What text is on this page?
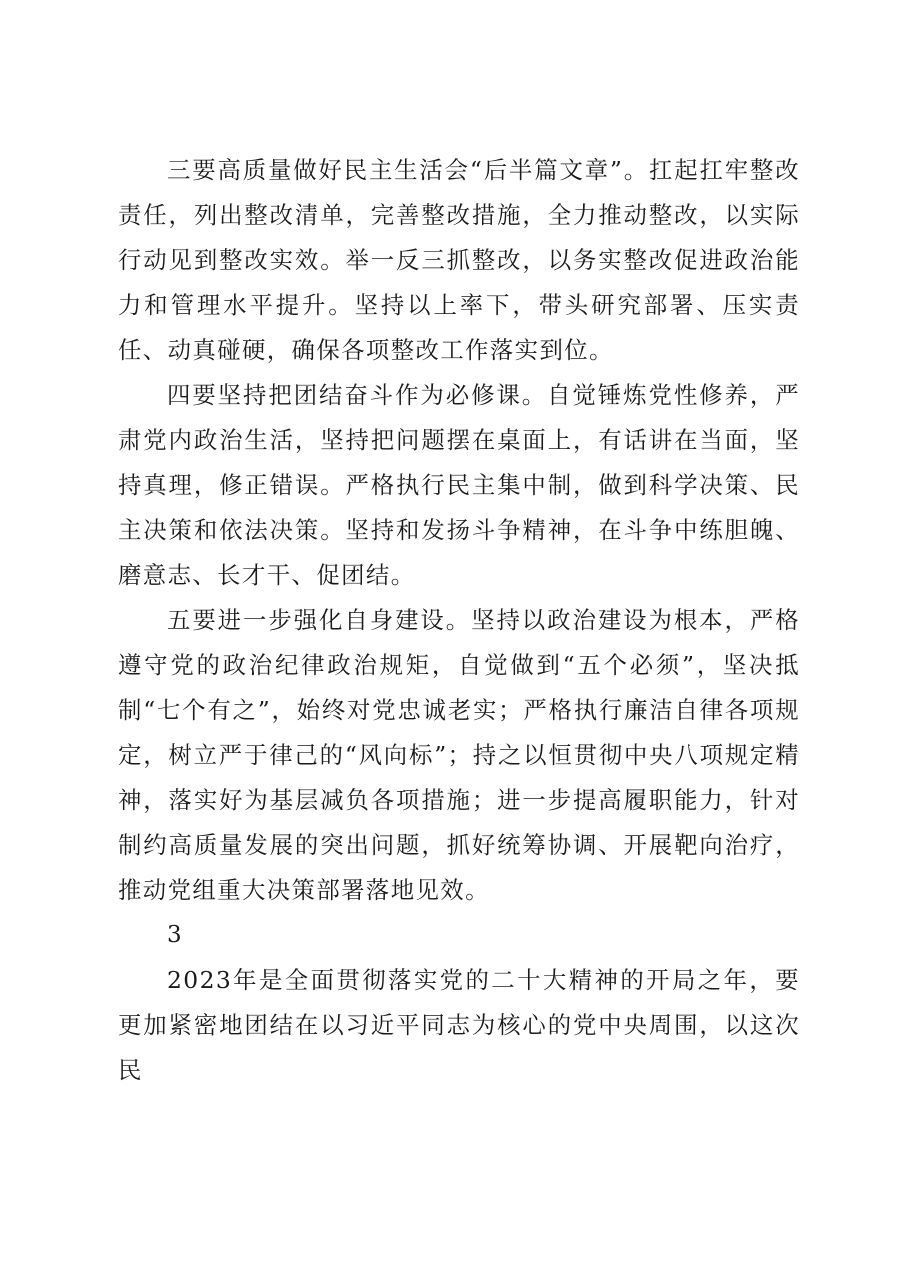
三要高质量做好民主生活会“后半篇文章”。扛起扛牢整改责任，列出整改清单，完善整改措施，全力推动整改，以实际行动见到整改实效。举一反三抓整改，以务实整改促进政治能力和管理水平提升。坚持以上率下，带头研究部署、压实责任、动真碰硬，确保各项整改工作落实到位。

四要坚持把团结奋斗作为必修课。自觉锤炼党性修养，严肃党内政治生活，坚持把问题摆在桌面上，有话讲在当面，坚持真理，修正错误。严格执行民主集中制，做到科学决策、民主决策和依法决策。坚持和发扬斗争精神，在斗争中练胆魄、磨意志、长才干、促团结。

五要进一步强化自身建设。坚持以政治建设为根本，严格遵守党的政治纪律政治规矩，自觉做到“五个必须”，坚决抵制“七个有之”，始终对党忠诚老实；严格执行廉洁自律各项规定，树立严于律己的“风向标”；持之以恒贯彻中央八项规定精神，落实好为基层减负各项措施；进一步提高履职能力，针对制约高质量发展的突出问题，抓好统筹协调、开展靶向治疗，推动党组重大决策部署落地见效。

3

2023年是全面贯彻落实党的二十大精神的开局之年，要更加紧密地团结在以习近平同志为核心的党中央周围，以这次民
